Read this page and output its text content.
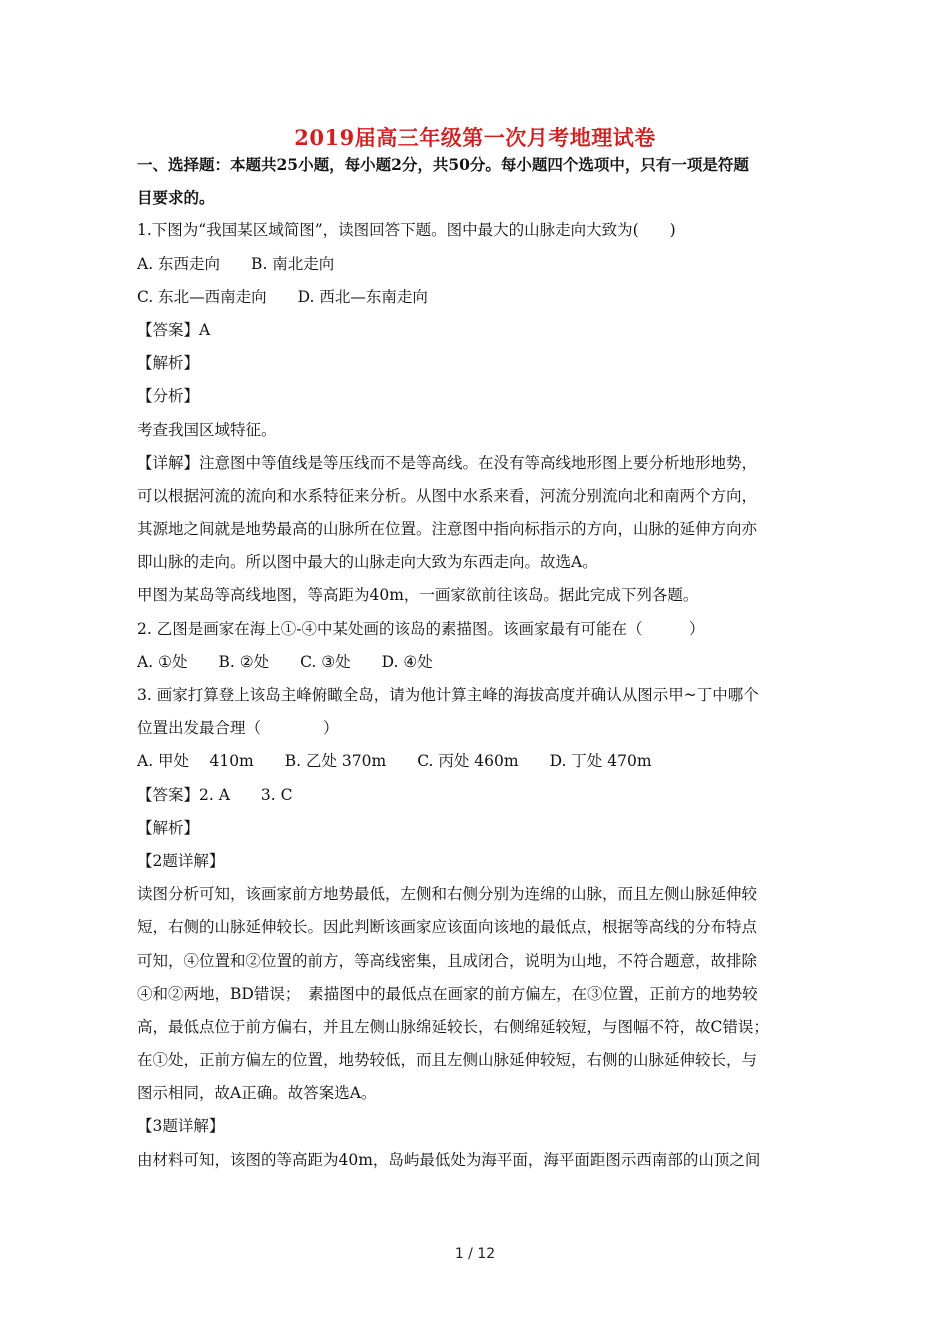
2019届高三年级第一次月考地理试卷
一、选择题：本题共25小题，每小题2分，共50分。每小题四个选项中，只有一项是符题
目要求的。
1.下图为“我国某区域简图”，读图回答下题。图中最大的山脉走向大致为(　　)
A. 东西走向　　B. 南北走向
C. 东北—西南走向　　D. 西北—东南走向
【答案】A
【解析】
【分析】
考查我国区域特征。
【详解】注意图中等值线是等压线而不是等高线。在没有等高线地形图上要分析地形地势，
可以根据河流的流向和水系特征来分析。从图中水系来看，河流分别流向北和南两个方向，
其源地之间就是地势最高的山脉所在位置。注意图中指向标指示的方向，山脉的延伸方向亦
即山脉的走向。所以图中最大的山脉走向大致为东西走向。故选A。
甲图为某岛等高线地图，等高距为40m，一画家欲前往该岛。据此完成下列各题。
2. 乙图是画家在海上①-④中某处画的该岛的素描图。该画家最有可能在（　　　）
A. ①处　　B. ②处　　C. ③处　　D. ④处
3. 画家打算登上该岛主峰俯瞰全岛，请为他计算主峰的海拔高度并确认从图示甲~丁中哪个
位置出发最合理（　　　　）
A. 甲处　 410m　　B. 乙处 370m　　C. 丙处 460m　　D. 丁处 470m
【答案】2. A　　3. C
【解析】
【2题详解】
读图分析可知，该画家前方地势最低，左侧和右侧分别为连绵的山脉，而且左侧山脉延伸较
短，右侧的山脉延伸较长。因此判断该画家应该面向该地的最低点，根据等高线的分布特点
可知，④位置和②位置的前方，等高线密集，且成闭合，说明为山地，不符合题意，故排除
④和②两地，BD错误；　素描图中的最低点在画家的前方偏左，在③位置，正前方的地势较
高，最低点位于前方偏右，并且左侧山脉绵延较长，右侧绵延较短，与图幅不符，故C错误；
在①处，正前方偏左的位置，地势较低，而且左侧山脉延伸较短，右侧的山脉延伸较长，与
图示相同，故A正确。故答案选A。
【3题详解】
由材料可知，该图的等高距为40m，岛屿最低处为海平面，海平面距图示西南部的山顶之间
1 / 12
